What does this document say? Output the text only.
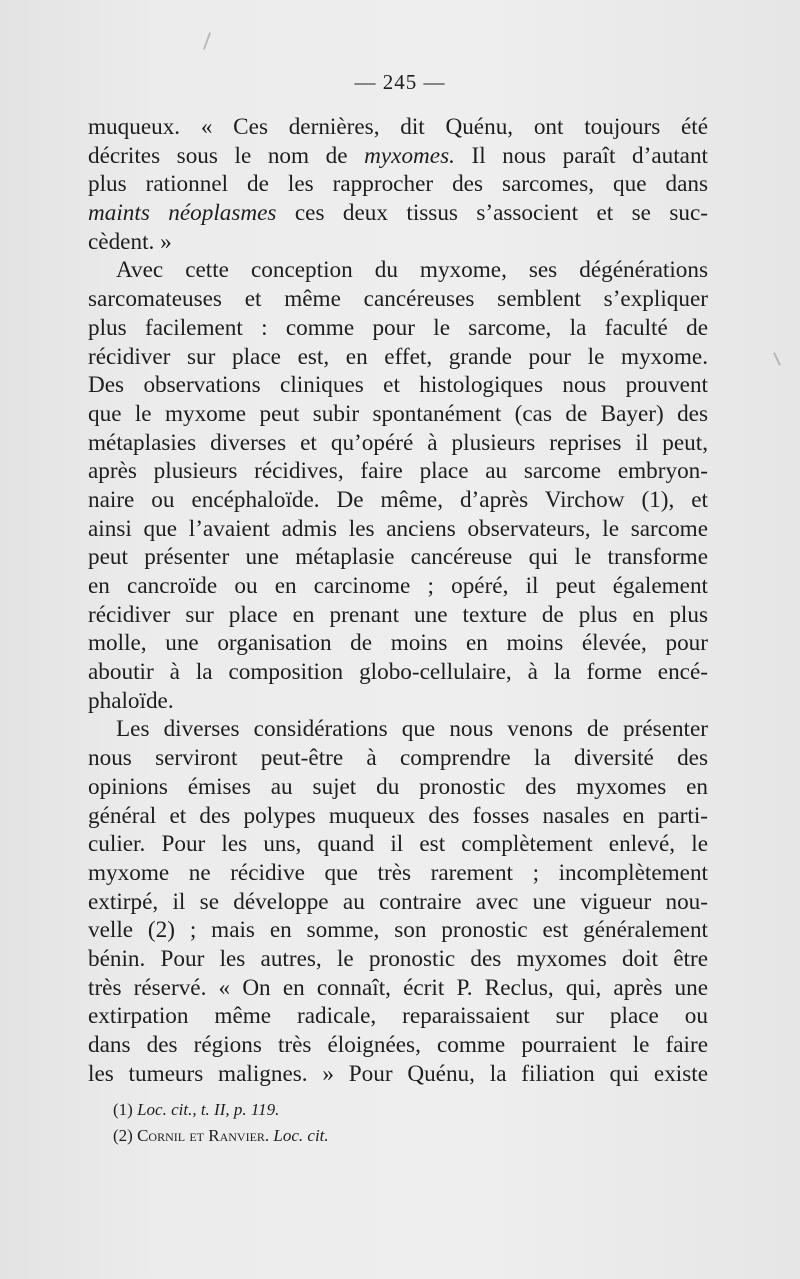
— 245 —
muqueux. « Ces dernières, dit Quénu, ont toujours été
décrites sous le nom de myxomes. Il nous paraît d’autant
plus rationnel de les rapprocher des sarcomes, que dans
maints néoplasmes ces deux tissus s’associent et se suc-
cèdent. »
Avec cette conception du myxome, ses dégénérations
sarcomateuses et même cancéreuses semblent s’expliquer
plus facilement : comme pour le sarcome, la faculté de
récidiver sur place est, en effet, grande pour le myxome.
Des observations cliniques et histologiques nous prouvent
que le myxome peut subir spontanément (cas de Bayer) des
métaplasies diverses et qu’opéré à plusieurs reprises il peut,
après plusieurs récidives, faire place au sarcome embryon-
naire ou encéphaloïde. De même, d’après Virchow (1), et
ainsi que l’avaient admis les anciens observateurs, le sarcome
peut présenter une métaplasie cancéreuse qui le transforme
en cancroïde ou en carcinome ; opéré, il peut également
récidiver sur place en prenant une texture de plus en plus
molle, une organisation de moins en moins élevée, pour
aboutir à la composition globo-cellulaire, à la forme encé-
phaloïde.
Les diverses considérations que nous venons de présenter
nous serviront peut-être à comprendre la diversité des
opinions émises au sujet du pronostic des myxomes en
général et des polypes muqueux des fosses nasales en parti-
culier. Pour les uns, quand il est complètement enlevé, le
myxome ne récidive que très rarement ; incomplètement
extirpé, il se développe au contraire avec une vigueur nou-
velle (2) ; mais en somme, son pronostic est généralement
bénin. Pour les autres, le pronostic des myxomes doit être
très réservé. « On en connaît, écrit P. Reclus, qui, après une
extirpation même radicale, reparaissaient sur place ou
dans des régions très éloignées, comme pourraient le faire
les tumeurs malignes. » Pour Quénu, la filiation qui existe
(1) Loc. cit., t. II, p. 119.
(2) Cornil et Ranvier. Loc. cit.
